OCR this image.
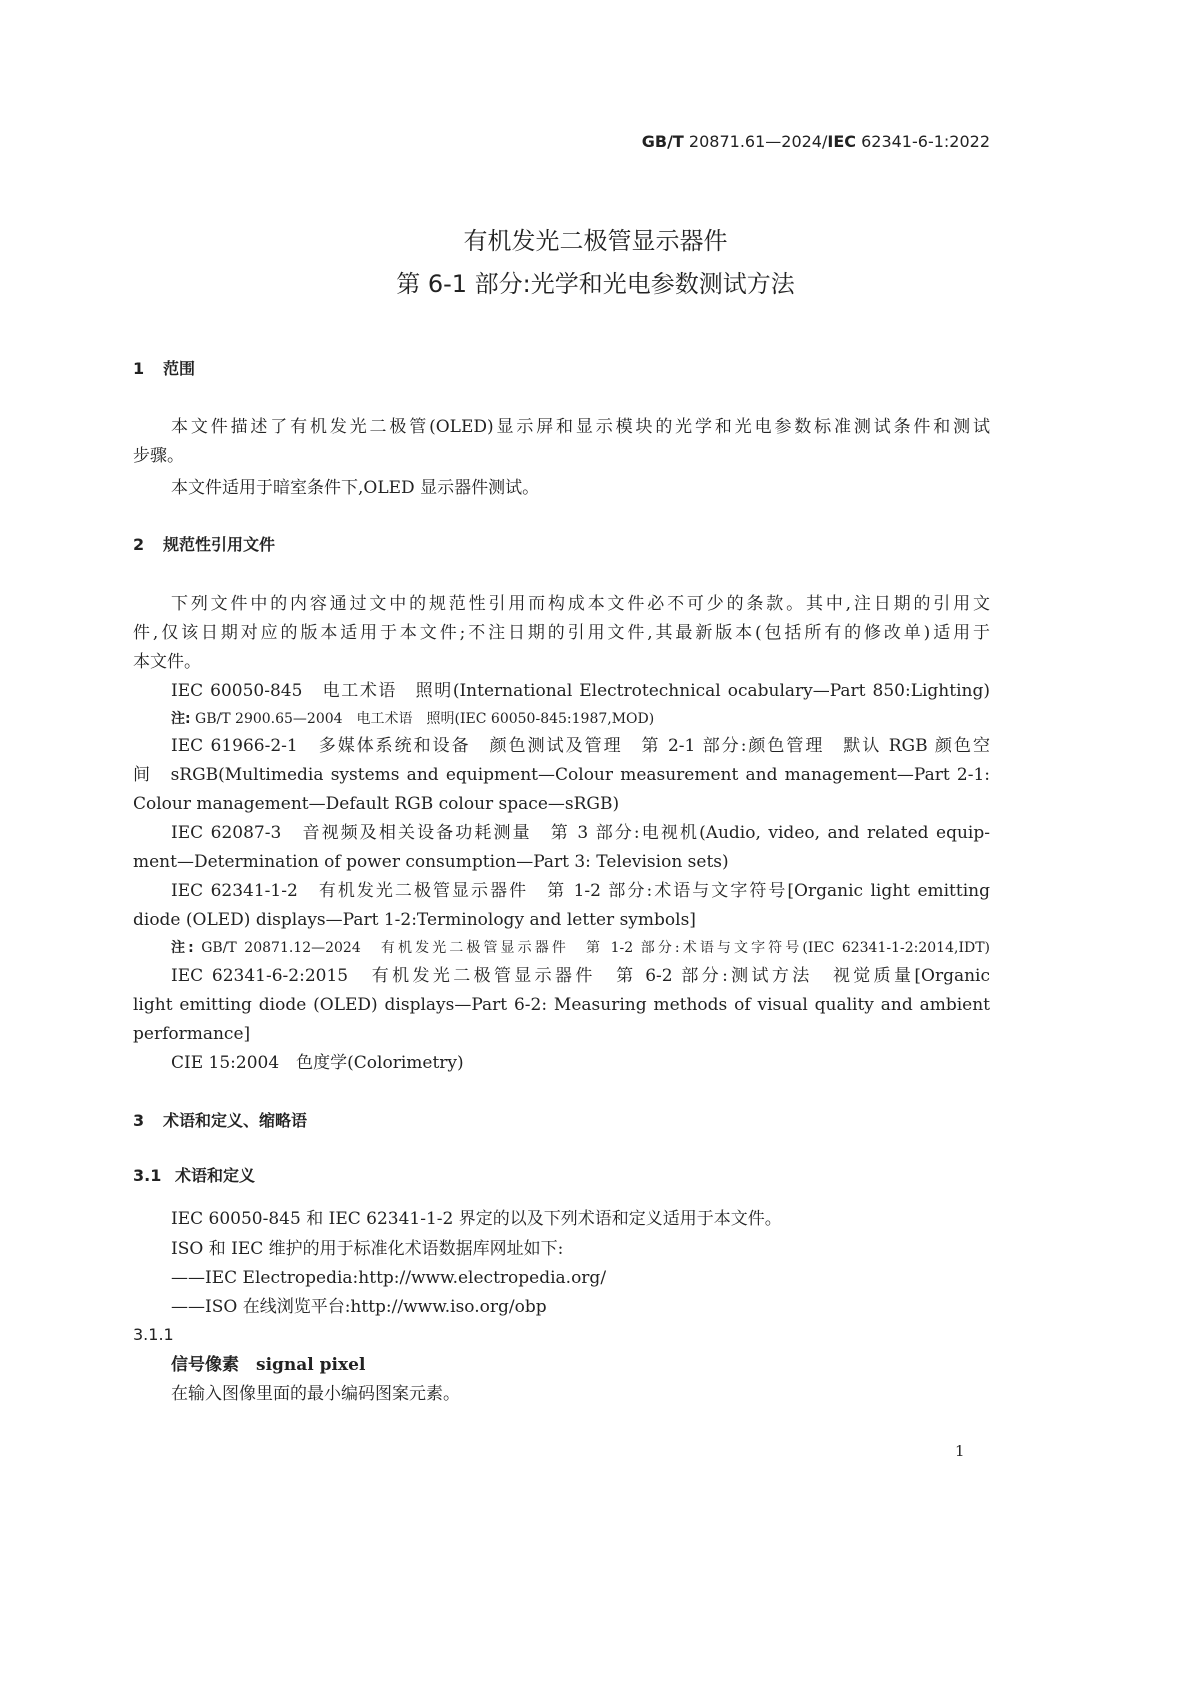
GB/T 20871.61—2024/IEC 62341-6-1:2022
有机发光二极管显示器件
第 6-1 部分:光学和光电参数测试方法
1 范围
本文件描述了有机发光二极管(OLED)显示屏和显示模块的光学和光电参数标准测试条件和测试
步骤。
本文件适用于暗室条件下,OLED 显示器件测试。
2 规范性引用文件
下列文件中的内容通过文中的规范性引用而构成本文件必不可少的条款。其中,注日期的引用文
件,仅该日期对应的版本适用于本文件;不注日期的引用文件,其最新版本(包括所有的修改单)适用于
本文件。
IEC 60050-845　电工术语　照明(International Electrotechnical ocabulary—Part 850:Lighting)
注: GB/T 2900.65—2004　电工术语　照明(IEC 60050-845:1987,MOD)
IEC 61966-2-1　多媒体系统和设备　颜色测试及管理　第 2-1 部分:颜色管理　默认 RGB 颜色空
间　sRGB(Multimedia systems and equipment—Colour measurement and management—Part 2-1:
Colour management—Default RGB colour space—sRGB)
IEC 62087-3　音视频及相关设备功耗测量　第 3 部分:电视机(Audio, video, and related equip-
ment—Determination of power consumption—Part 3: Television sets)
IEC 62341-1-2　有机发光二极管显示器件　第 1-2 部分:术语与文字符号[Organic light emitting
diode (OLED) displays—Part 1-2:Terminology and letter symbols]
注: GB/T 20871.12—2024　有机发光二极管显示器件　第 1-2 部分:术语与文字符号(IEC 62341-1-2:2014,IDT)
IEC 62341-6-2:2015　有机发光二极管显示器件　第 6-2 部分:测试方法　视觉质量[Organic
light emitting diode (OLED) displays—Part 6-2: Measuring methods of visual quality and ambient
performance]
CIE 15:2004　色度学(Colorimetry)
3 术语和定义、缩略语
3.1 术语和定义
IEC 60050-845 和 IEC 62341-1-2 界定的以及下列术语和定义适用于本文件。
ISO 和 IEC 维护的用于标准化术语数据库网址如下:
——IEC Electropedia:http://www.electropedia.org/
——ISO 在线浏览平台:http://www.iso.org/obp
3.1.1
信号像素　 signal pixel
在输入图像里面的最小编码图案元素。
1
